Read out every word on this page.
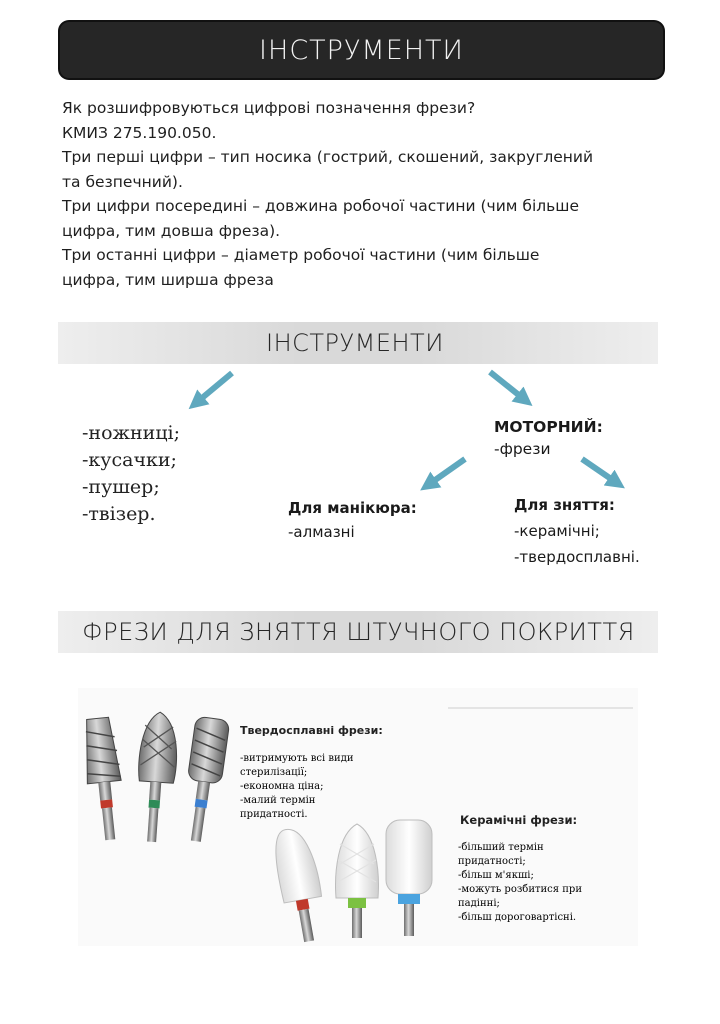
ІНСТРУМЕНТИ
Як розшифровуються цифрові позначення фрези?
КМИЗ 275.190.050.
Три перші цифри – тип носика (гострий, скошений, закруглений
та безпечний).
Три цифри посередині – довжина робочої частини (чим більше
цифра, тим довша фреза).
Три останні цифри – діаметр робочої частини (чим більше
цифра, тим ширша фреза
ІНСТРУМЕНТИ
-ножниці;
-кусачки;
-пушер;
-твізер.
МОТОРНИЙ:
-фрези
Для манікюра:
-алмазні
Для зняття:
-керамічні;
-твердосплавні.
ФРЕЗИ ДЛЯ ЗНЯТТЯ ШТУЧНОГО ПОКРИТТЯ
Твердосплавні фрези:
-витримують всі види
стерилізації;
-економна ціна;
-малий термін
придатності.	Керамічні фрези:
-більший термін
придатності;
-більш м'якші;
-можуть розбитися при
падінні;
-більш дороговартісні.
